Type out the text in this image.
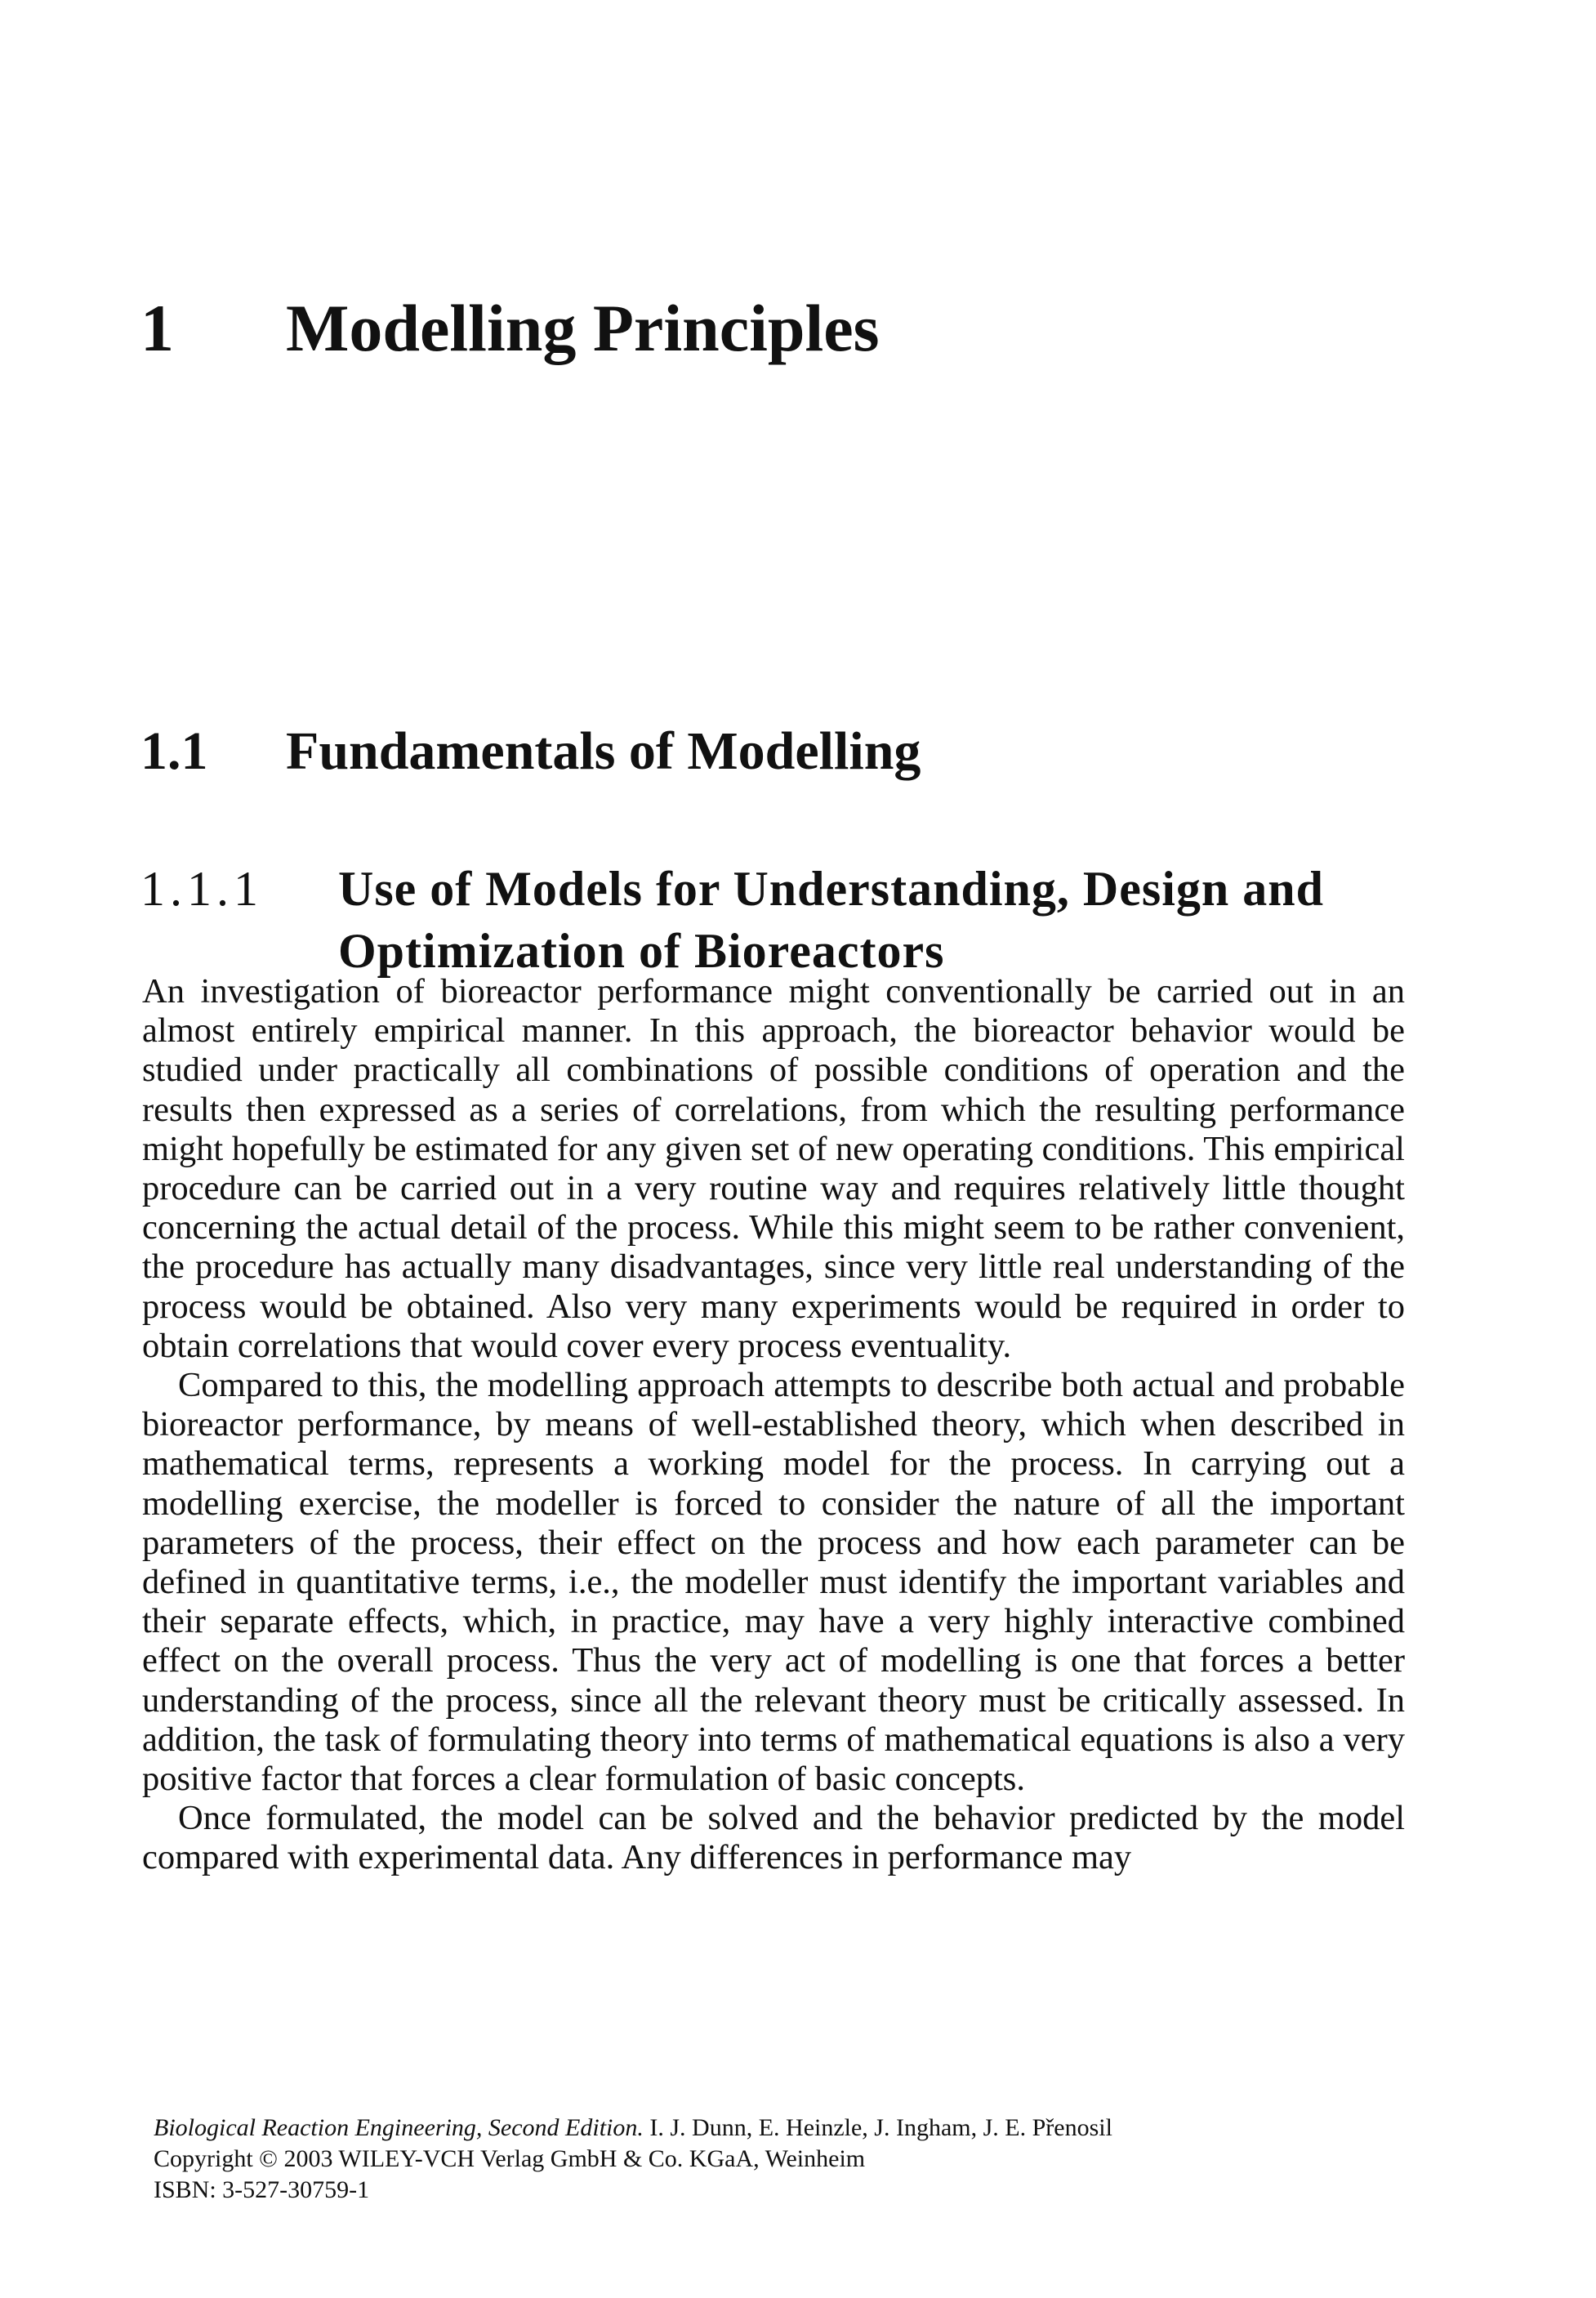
1 Modelling Principles
1.1 Fundamentals of Modelling
1.1.1 Use of Models for Understanding, Design and Optimization of Bioreactors

An investigation of bioreactor performance might conventionally be carried out in an almost entirely empirical manner. In this approach, the bioreactor behavior would be studied under practically all combinations of possible conditions of operation and the results then expressed as a series of correlations, from which the resulting performance might hopefully be estimated for any given set of new operating conditions. This empirical procedure can be carried out in a very routine way and requires relatively little thought concerning the actual detail of the process. While this might seem to be rather convenient, the procedure has actually many disadvantages, since very little real understanding of the process would be obtained. Also very many experiments would be required in order to obtain correlations that would cover every process eventuality.

Compared to this, the modelling approach attempts to describe both actual and probable bioreactor performance, by means of well-established theory, which when described in mathematical terms, represents a working model for the process. In carrying out a modelling exercise, the modeller is forced to consider the nature of all the important parameters of the process, their effect on the process and how each parameter can be defined in quantitative terms, i.e., the modeller must identify the important variables and their separate effects, which, in practice, may have a very highly interactive combined effect on the overall process. Thus the very act of modelling is one that forces a better understanding of the process, since all the relevant theory must be critically assessed. In addition, the task of formulating theory into terms of mathematical equations is also a very positive factor that forces a clear formulation of basic concepts.

Once formulated, the model can be solved and the behavior predicted by the model compared with experimental data. Any differences in performance may

Biological Reaction Engineering, Second Edition. I. J. Dunn, E. Heinzle, J. Ingham, J. E. Přenosil
Copyright © 2003 WILEY-VCH Verlag GmbH & Co. KGaA, Weinheim
ISBN: 3-527-30759-1
